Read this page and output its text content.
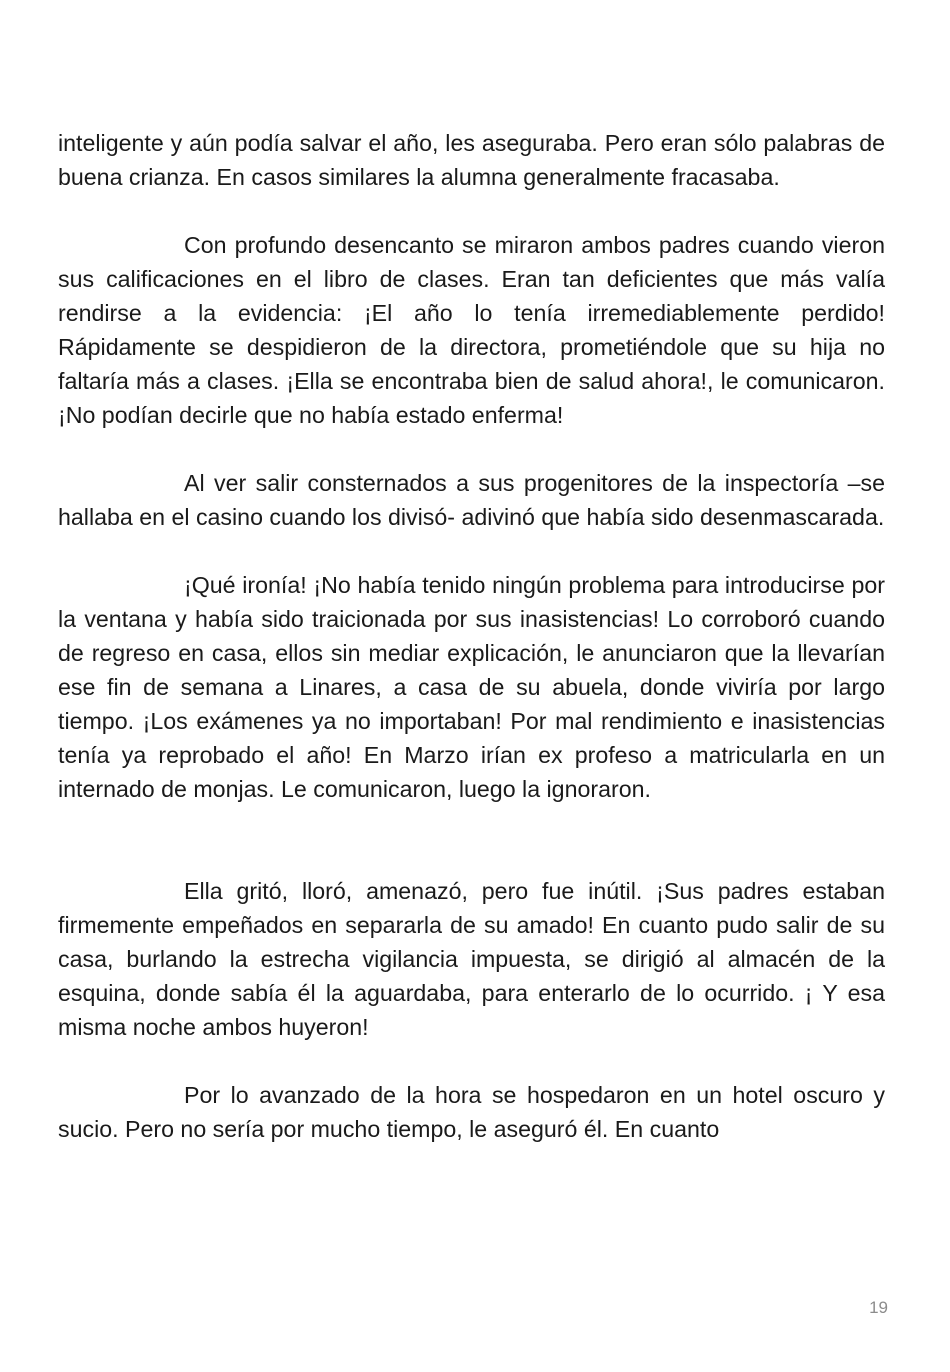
inteligente y aún podía salvar el año, les aseguraba. Pero eran sólo palabras de buena crianza. En casos similares la alumna generalmente fracasaba.

Con profundo desencanto se miraron ambos padres cuando vieron sus calificaciones en el libro de clases. Eran tan deficientes que más valía rendirse a la evidencia: ¡El año lo tenía irremediablemente perdido! Rápidamente se despidieron de la directora, prometiéndole que su hija no faltaría más a clases. ¡Ella se encontraba bien de salud ahora!, le comunicaron. ¡No podían decirle que no había estado enferma!

Al ver salir consternados a sus progenitores de la inspectoría –se hallaba en el casino cuando los divisó- adivinó que había sido desenmascarada.

¡Qué ironía! ¡No había tenido ningún problema para introducirse por la ventana y había sido traicionada por sus inasistencias! Lo corroboró cuando de regreso en casa, ellos sin mediar explicación, le anunciaron que la llevarían ese fin de semana a Linares, a casa de su abuela, donde viviría por largo tiempo. ¡Los exámenes ya no importaban! Por mal rendimiento e inasistencias tenía ya reprobado el año! En Marzo irían ex profeso a matricularla en un internado de monjas. Le comunicaron, luego la ignoraron.

Ella gritó, lloró, amenazó, pero fue inútil. ¡Sus padres estaban firmemente empeñados en separarla de su amado! En cuanto pudo salir de su casa, burlando la estrecha vigilancia impuesta, se dirigió al almacén de la esquina, donde sabía él la aguardaba, para enterarlo de lo ocurrido. ¡ Y esa misma noche ambos huyeron!

Por lo avanzado de la hora se hospedaron en un hotel oscuro y sucio. Pero no sería por mucho tiempo, le aseguró él. En cuanto

19
